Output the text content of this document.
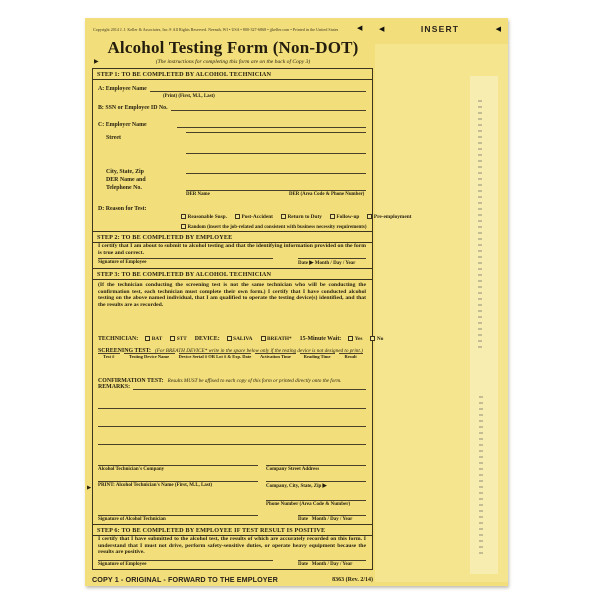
Copyright 2014 J. J. Keller & Associates, Inc.® All Rights Reserved. Neenah, WI • USA • 800-327-6868 • jjkeller.com • Printed in the United States	◀ ◀	INSERT	◀
Alcohol Testing Form (Non-DOT)
▶	(The instructions for completing this form are on the back of Copy 3)
STEP 1: TO BE COMPLETED BY ALCOHOL TECHNICIAN
A: Employee Name
(Print) (First, M.I., Last)
B: SSN or Employee ID No.
C: Employer Name
Street
City, State, Zip
DER Name and
Telephone No.
DER Name	DER (Area Code & Phone Number)
D: Reason for Test:
Reasonable Susp.	Post-Accident	Return to Duty	Follow-up	Pre-employment
Random (insert the job-related and consistent with business necessity requirements)
STEP 2: TO BE COMPLETED BY EMPLOYEE
I certify that I am about to submit to alcohol testing and that the identifying information provided on the form is true and correct.
Signature of Employee	Date ▶ Month / Day / Year
STEP 3: TO BE COMPLETED BY ALCOHOL TECHNICIAN
(If the technician conducting the screening test is not the same technician who will be conducting the confirmation test, each technician must complete their own form.) I certify that I have conducted alcohol testing on the above named individual, that I am qualified to operate the testing device(s) identified, and that the results are as recorded.
TECHNICIAN:	BAT	STT DEVICE:	SALIVA	BREATH* 15-Minute Wait:	Yes	No
SCREENING TEST: (For BREATH DEVICE* write in the space below only if the testing device is not designed to print.)
Test #	Testing Device Name	Device Serial # OR Lot # & Exp. Date	Activation Time	Reading Time	Result
CONFIRMATION TEST: Results MUST be affixed to each copy of this form or printed directly onto the form.
REMARKS:
Alcohol Technician's Company	Company Street Address
▶ PRINT: Alcohol Technician's Name (First, M.I., Last)	Company, City, State, Zip ▶
Phone Number (Area Code & Number)
Signature of Alcohol Technician	Date Month / Day / Year
STEP 6: TO BE COMPLETED BY EMPLOYEE IF TEST RESULT IS POSITIVE
I certify that I have submitted to the alcohol test, the results of which are accurately recorded on this form. I understand that I must not drive, perform safety-sensitive duties, or operate heavy equipment because the results are positive.
Signature of Employee	Date Month / Day / Year
COPY 1 - ORIGINAL - FORWARD TO THE EMPLOYER	8363 (Rev. 2/14)
